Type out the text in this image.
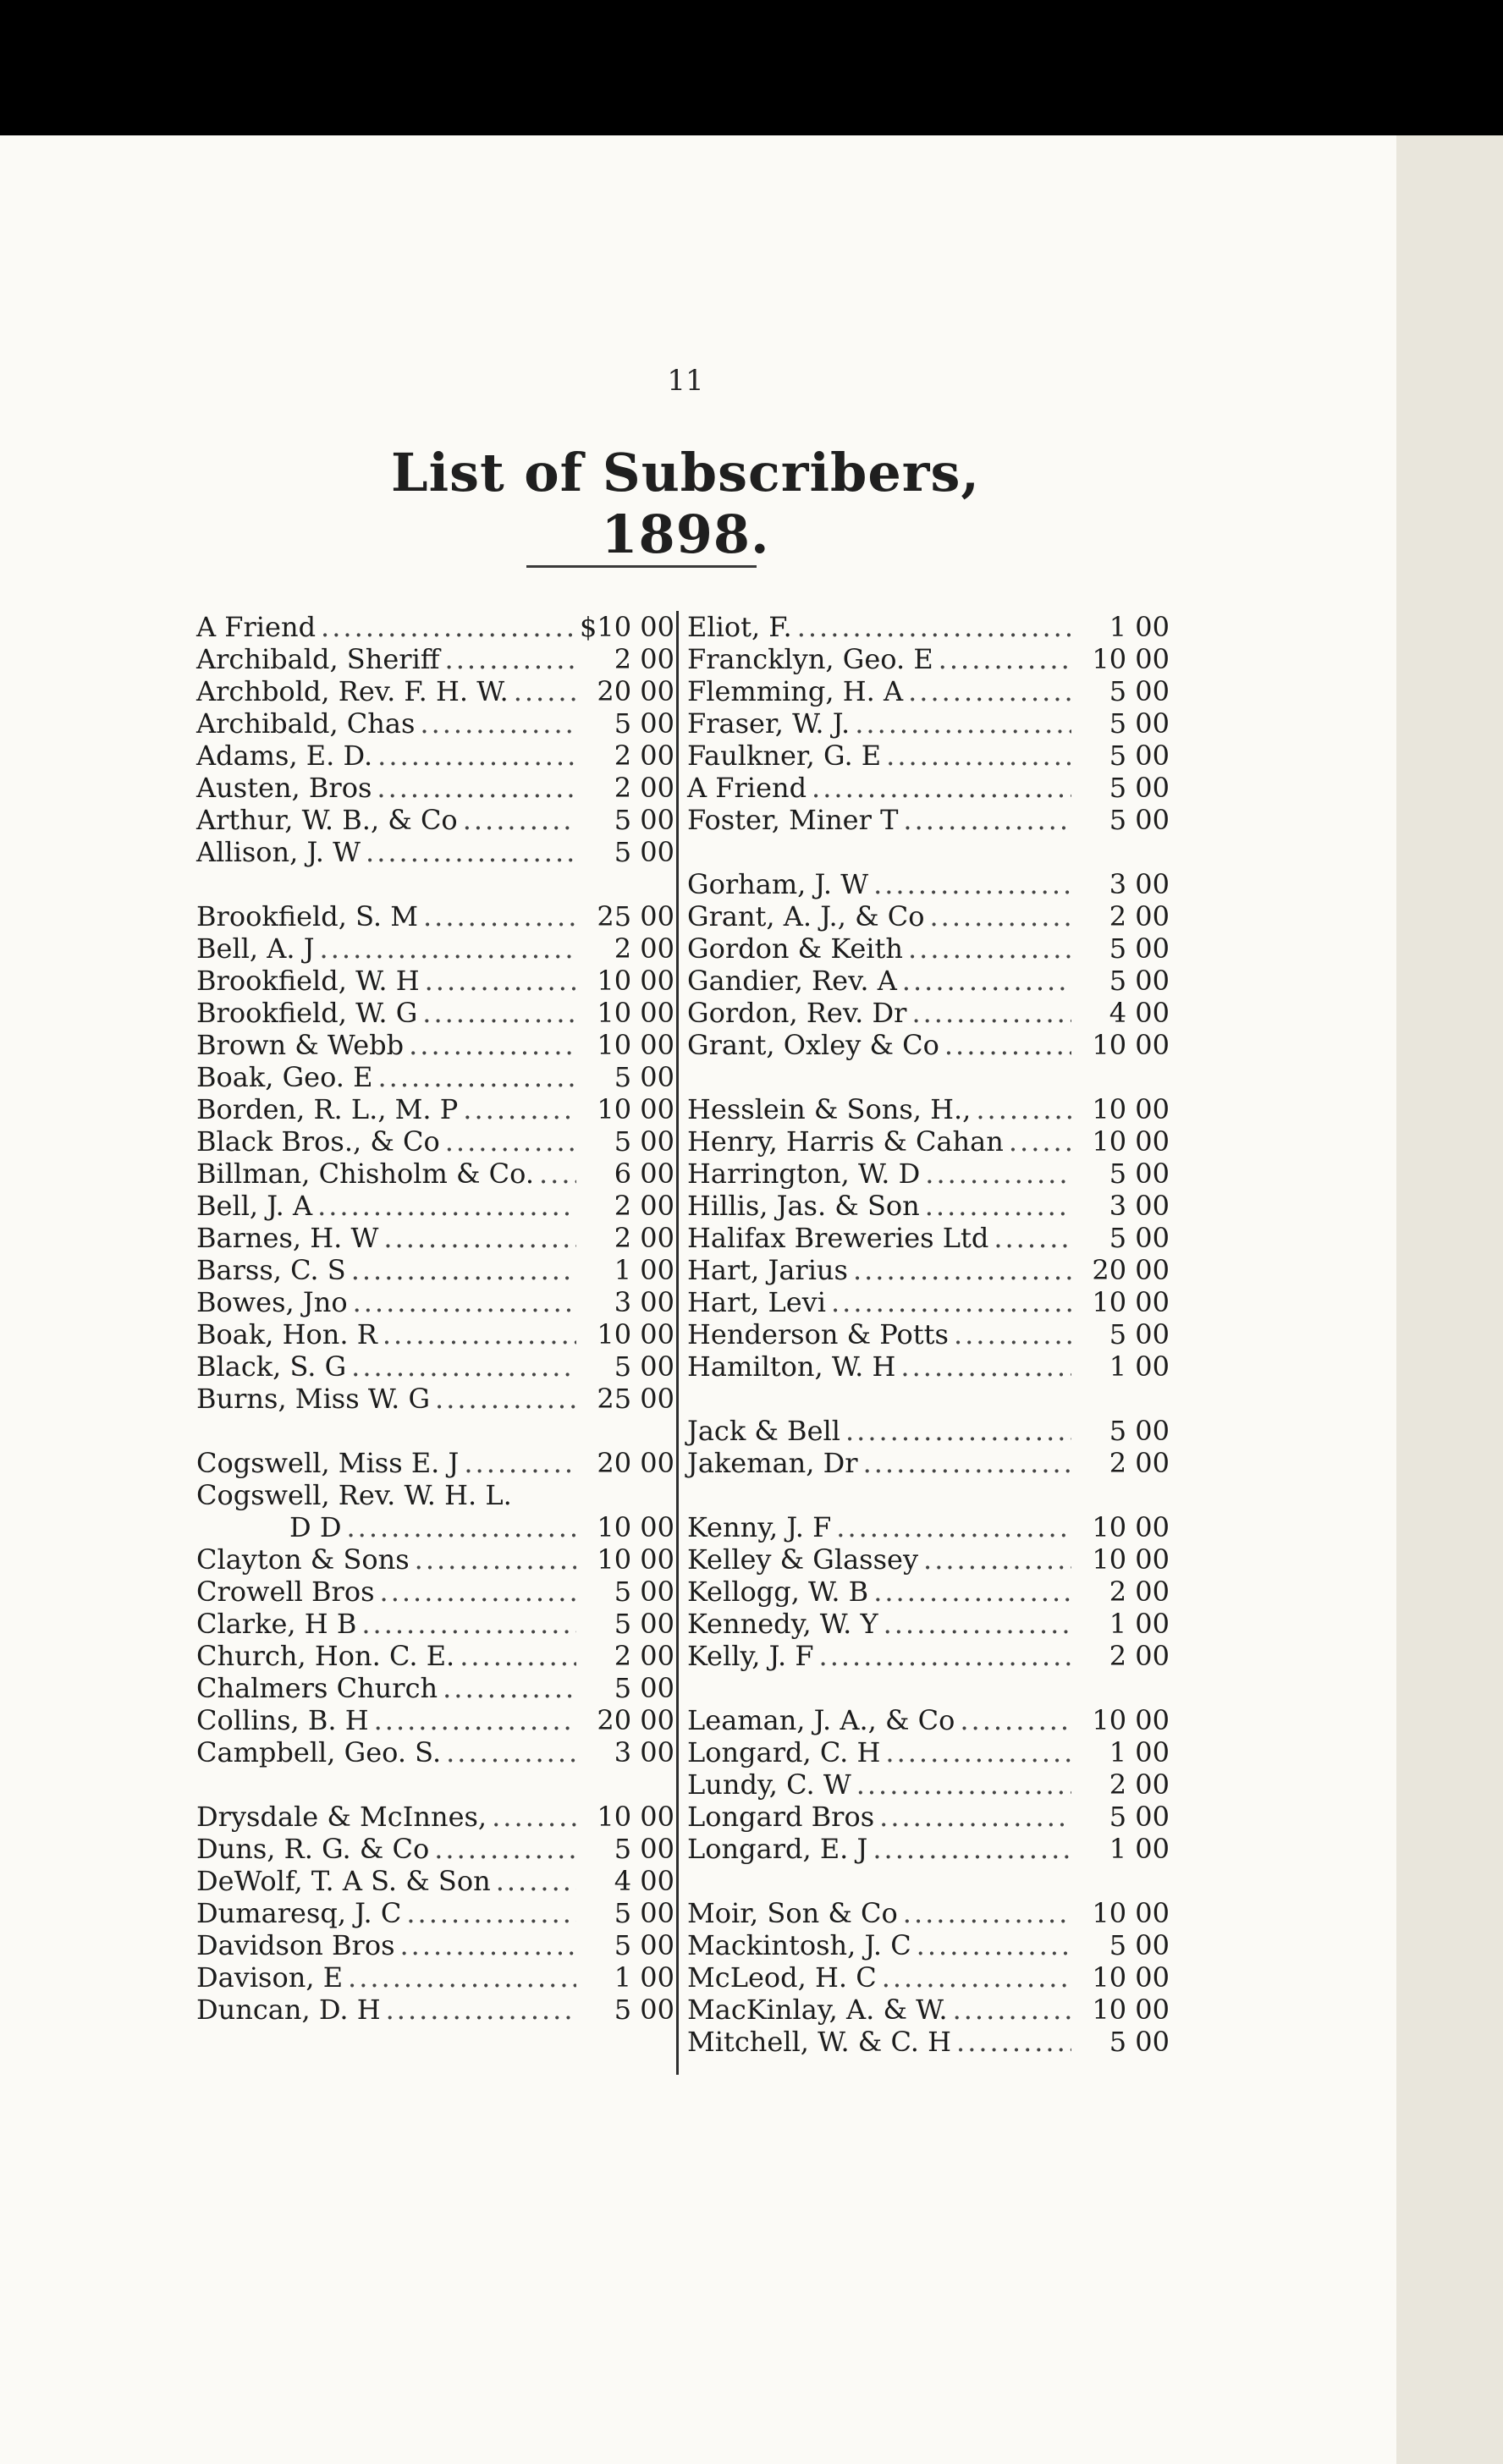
11
List of Subscribers, 1898.
A Friend .....	$10 00
Archibald, Sheriff .....	2 00
Archbold, Rev. F. H. W. .....	20 00
Archibald, Chas .....	5 00
Adams, E. D. .....	2 00
Austen, Bros .....	2 00
Arthur, W. B., & Co .....	5 00
Allison, J. W .....	5 00
Brookfield, S. M .....	25 00
Bell, A. J .....	2 00
Brookfield, W. H .....	10 00
Brookfield, W. G .....	10 00
Brown & Webb .....	10 00
Boak, Geo. E .....	5 00
Borden, R. L., M. P .....	10 00
Black Bros., & Co .....	5 00
Billman, Chisholm & Co. .....	6 00
Bell, J. A .....	2 00
Barnes, H. W .....	2 00
Barss, C. S .....	1 00
Bowes, Jno .....	3 00
Boak, Hon. R .....	10 00
Black, S. G .....	5 00
Burns, Miss W. G .....	25 00
Cogswell, Miss E. J .....	20 00
Cogswell, Rev. W. H. L.
D D .....	10 00
Clayton & Sons .....	10 00
Crowell Bros .....	5 00
Clarke, H B .....	5 00
Church, Hon. C. E. .....	2 00
Chalmers Church .....	5 00
Collins, B. H .....	20 00
Campbell, Geo. S. .....	3 00
Drysdale & McInnes, .....	10 00
Duns, R. G. & Co .....	5 00
DeWolf, T. A S. & Son .....	4 00
Dumaresq, J. C .....	5 00
Davidson Bros .....	5 00
Davison, E .....	1 00
Duncan, D. H .....	5 00
Eliot, F. .....	1 00
Francklyn, Geo. E .....	10 00
Flemming, H. A .....	5 00
Fraser, W. J. .....	5 00
Faulkner, G. E .....	5 00
A Friend .....	5 00
Foster, Miner T .....	5 00
Gorham, J. W .....	3 00
Grant, A. J., & Co .....	2 00
Gordon & Keith .....	5 00
Gandier, Rev. A .....	5 00
Gordon, Rev. Dr .....	4 00
Grant, Oxley & Co .....	10 00
Hesslein & Sons, H., .....	10 00
Henry, Harris & Cahan .....	10 00
Harrington, W. D .....	5 00
Hillis, Jas. & Son .....	3 00
Halifax Breweries Ltd .....	5 00
Hart, Jarius .....	20 00
Hart, Levi .....	10 00
Henderson & Potts .....	5 00
Hamilton, W. H .....	1 00
Jack & Bell .....	5 00
Jakeman, Dr .....	2 00
Kenny, J. F .....	10 00
Kelley & Glassey .....	10 00
Kellogg, W. B .....	2 00
Kennedy, W. Y .....	1 00
Kelly, J. F .....	2 00
Leaman, J. A., & Co .....	10 00
Longard, C. H .....	1 00
Lundy, C. W .....	2 00
Longard Bros .....	5 00
Longard, E. J .....	1 00
Moir, Son & Co .....	10 00
Mackintosh, J. C .....	5 00
McLeod, H. C .....	10 00
MacKinlay, A. & W. .....	10 00
Mitchell, W. & C. H .....	5 00
